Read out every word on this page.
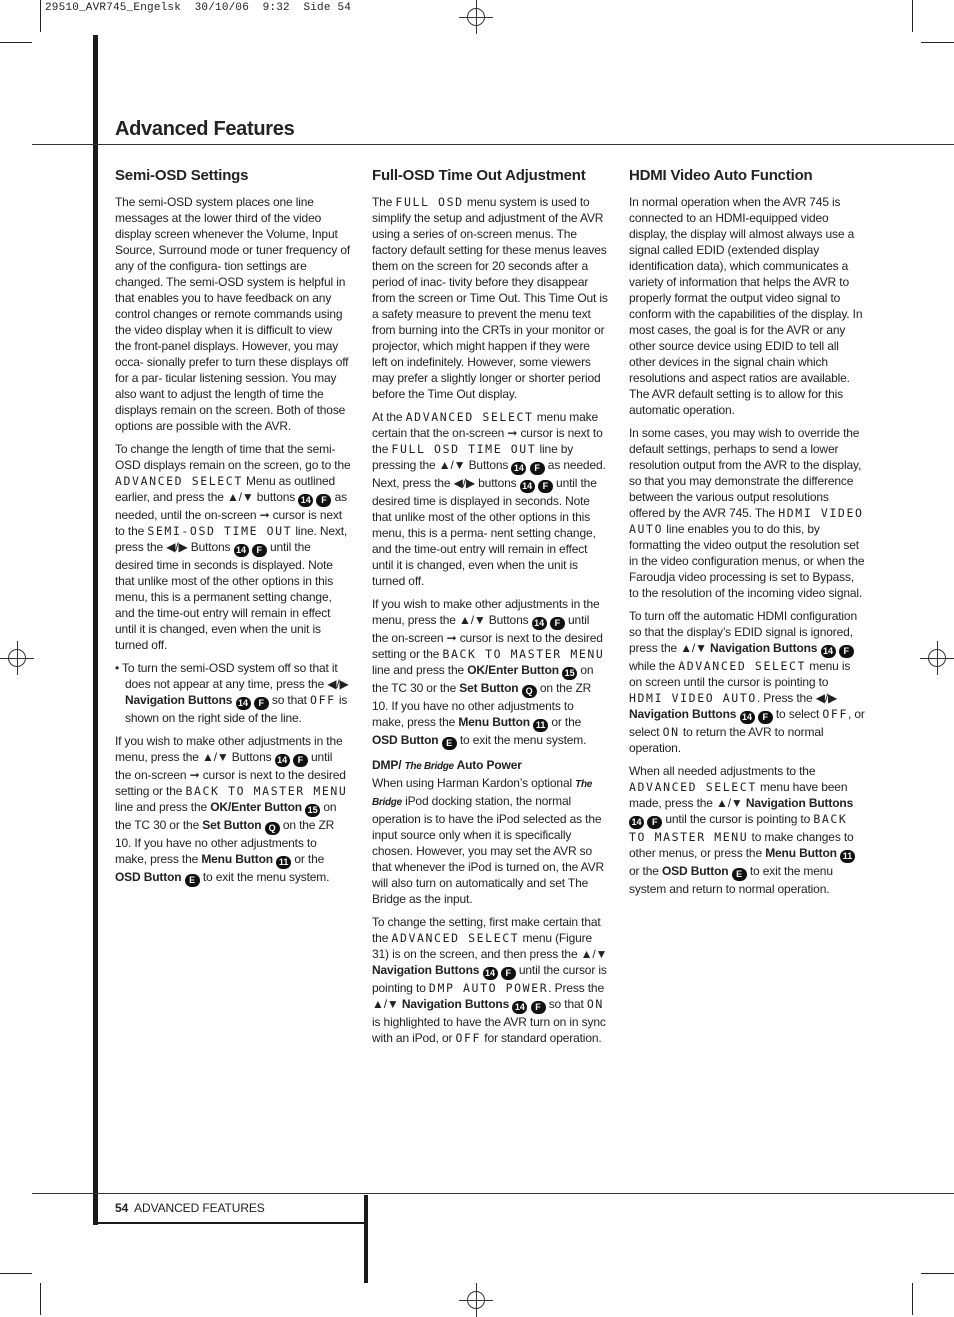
29510_AVR745_Engelsk  30/10/06  9:32  Side 54
Advanced Features
Semi-OSD Settings

The semi-OSD system places one line messages at the lower third of the video display screen whenever the Volume, Input Source, Surround mode or tuner frequency of any of the configura- tion settings are changed. The semi-OSD system is helpful in that enables you to have feedback on any control changes or remote commands using the video display when it is difficult to view the front-panel displays. However, you may occa- sionally prefer to turn these displays off for a par- ticular listening session. You may also want to adjust the length of time the displays remain on the screen. Both of those options are possible with the AVR.

To change the length of time that the semi-OSD displays remain on the screen, go to the ADVANCED SELECT Menu as outlined earlier, and press the ▲/▼ buttons 14 F as needed, until the on-screen ➞ cursor is next to the SEMI-OSD TIME OUT line. Next, press the ◀/▶ Buttons 14 F until the desired time in seconds is displayed. Note that unlike most of the other options in this menu, this is a permanent setting change, and the time-out entry will remain in effect until it is changed, even when the unit is turned off.

• To turn the semi-OSD system off so that it does not appear at any time, press the ◀/▶ Navigation Buttons 14 F so that OFF is shown on the right side of the line.

If you wish to make other adjustments in the menu, press the ▲/▼ Buttons 14 F until the on-screen ➞ cursor is next to the desired setting or the BACK TO MASTER MENU line and press the OK/Enter Button 15 on the TC 30 or the Set Button Q on the ZR 10. If you have no other adjustments to make, press the Menu Button 11 or the OSD Button E to exit the menu system.

Full-OSD Time Out Adjustment

The FULL OSD menu system is used to simplify the setup and adjustment of the AVR using a series of on-screen menus. The factory default setting for these menus leaves them on the screen for 20 seconds after a period of inac- tivity before they disappear from the screen or Time Out. This Time Out is a safety measure to prevent the menu text from burning into the CRTs in your monitor or projector, which might happen if they were left on indefinitely. However, some viewers may prefer a slightly longer or shorter period before the Time Out display.

At the ADVANCED SELECT menu make certain that the on-screen ➞ cursor is next to the FULL OSD TIME OUT line by pressing the ▲/▼ Buttons 14 F as needed. Next, press the ◀/▶ buttons 14 F until the desired time is displayed in seconds. Note that unlike most of the other options in this menu, this is a perma- nent setting change, and the time-out entry will remain in effect until it is changed, even when the unit is turned off.

If you wish to make other adjustments in the menu, press the ▲/▼ Buttons 14 F until the on-screen ➞ cursor is next to the desired setting or the BACK TO MASTER MENU line and press the OK/Enter Button 15 on the TC 30 or the Set Button Q on the ZR 10. If you have no other adjustments to make, press the Menu Button 11 or the OSD Button E to exit the menu system.

DMP/ The Bridge Auto Power

When using Harman Kardon’s optional The Bridge iPod docking station, the normal operation is to have the iPod selected as the input source only when it is specifically chosen. However, you may set the AVR so that whenever the iPod is turned on, the AVR will also turn on automatically and set The Bridge as the input.

To change the setting, first make certain that the ADVANCED SELECT menu (Figure 31) is on the screen, and then press the ▲/▼ Navigation Buttons 14 F until the cursor is pointing to DMP AUTO POWER. Press the ▲/▼ Navigation Buttons 14 F so that ON is highlighted to have the AVR turn on in sync with an iPod, or OFF for standard operation.

HDMI Video Auto Function

In normal operation when the AVR 745 is connected to an HDMI-equipped video display, the display will almost always use a signal called EDID (extended display identification data), which communicates a variety of information that helps the AVR to properly format the output video signal to conform with the capabilities of the display. In most cases, the goal is for the AVR or any other source device using EDID to tell all other devices in the signal chain which resolutions and aspect ratios are available. The AVR default setting is to allow for this automatic operation.

In some cases, you may wish to override the default settings, perhaps to send a lower resolution output from the AVR to the display, so that you may demonstrate the difference between the various output resolutions offered by the AVR 745. The HDMI VIDEO AUTO line enables you to do this, by formatting the video output the resolution set in the video configuration menus, or when the Faroudja video processing is set to Bypass, to the resolution of the incoming video signal.

To turn off the automatic HDMI configuration so that the display’s EDID signal is ignored, press the ▲/▼ Navigation Buttons 14 F while the ADVANCED SELECT menu is on screen until the cursor is pointing to HDMI VIDEO AUTO. Press the ◀/▶ Navigation Buttons 14 F to select OFF, or select ON to return the AVR to normal operation.

When all needed adjustments to the ADVANCED SELECT menu have been made, press the ▲/▼ Navigation Buttons 14 F until the cursor is pointing to BACK TO MASTER MENU to make changes to other menus, or press the Menu Button 11 or the OSD Button E to exit the menu system and return to normal operation.

54 ADVANCED FEATURES
